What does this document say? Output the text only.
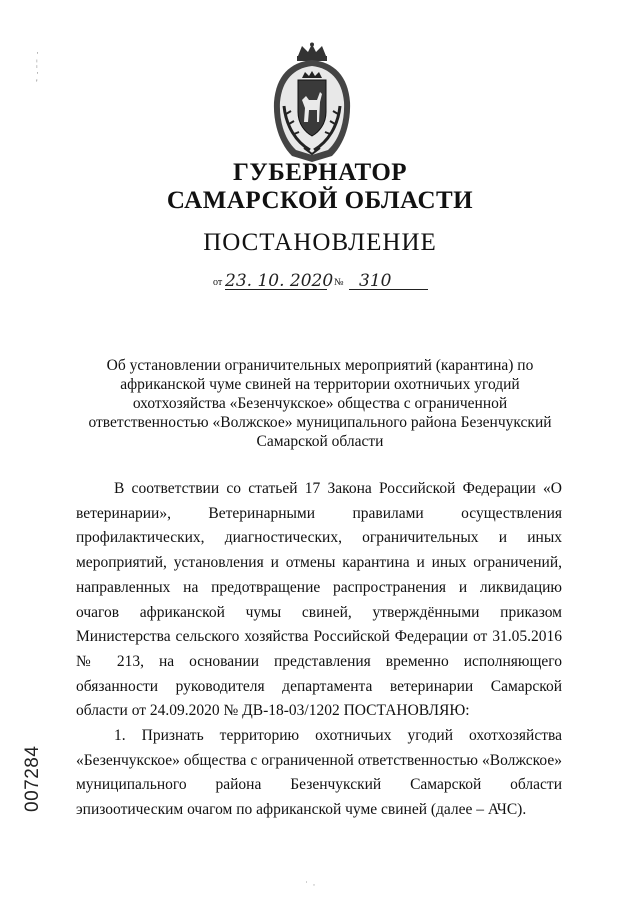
·
¦
·
'
ГУБЕРНАТОР
САМАРСКОЙ ОБЛАСТИ
ПОСТАНОВЛЕНИЕ
от 23. 10. 2020 № 310
Об установлении ограничительных мероприятий (карантина) по африканской чуме свиней на территории охотничьих угодий охотхозяйства «Безенчукское» общества с ограниченной ответственностью «Волжское» муниципального района Безенчукский Самарской области

В соответствии со статьей 17 Закона Российской Федерации «О ветеринарии», Ветеринарными правилами осуществления профилактических, диагностических, ограничительных и иных мероприятий, установления и отмены карантина и иных ограничений, направленных на предотвращение распространения и ликвидацию очагов африканской чумы свиней, утверждёнными приказом Министерства сельского хозяйства Российской Федерации от 31.05.2016 № 213, на основании представления временно исполняющего обязанности руководителя департамента ветеринарии Самарской области от 24.09.2020 № ДВ-18-03/1202 ПОСТАНОВЛЯЮ:

1. Признать территорию охотничьих угодий охотхозяйства «Безенчукское» общества с ограниченной ответственностью «Волжское» муниципального района Безенчукский Самарской области эпизоотическим очагом по африканской чуме свиней (далее – АЧС).

007284
˙  ·
